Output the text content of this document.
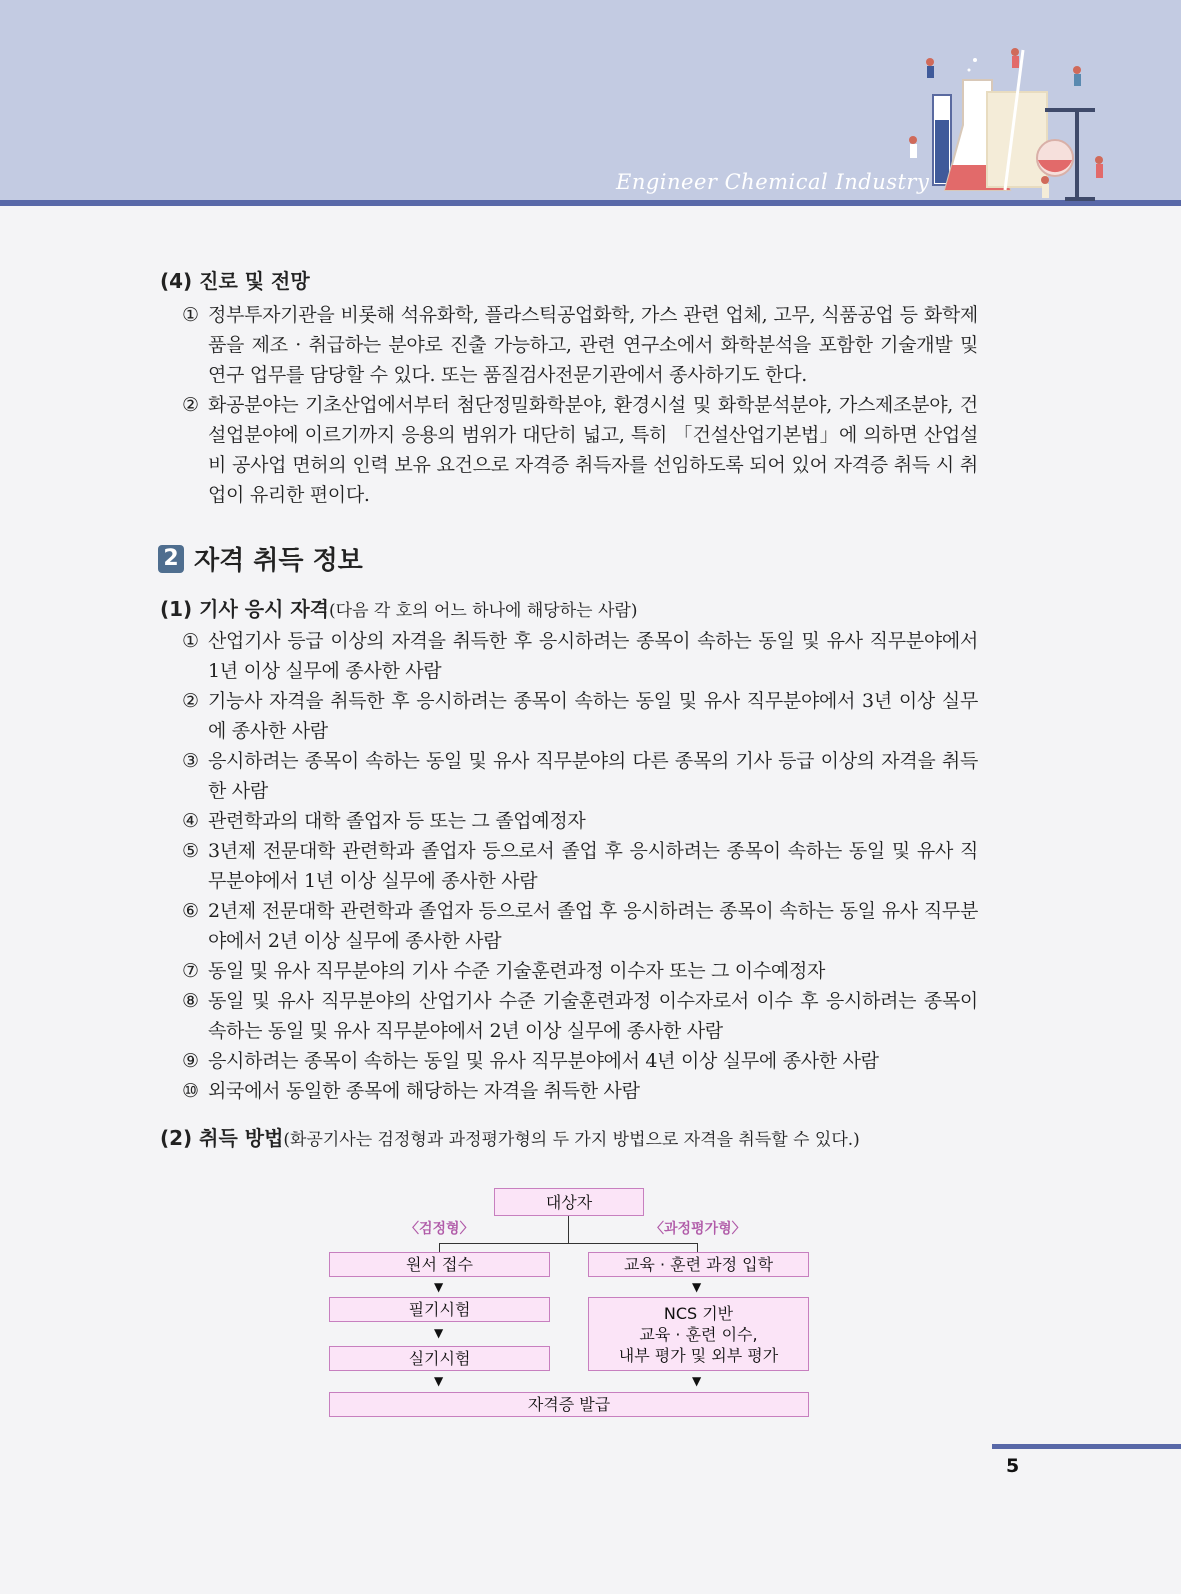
Engineer Chemical Industry
(4) 진로 및 전망
① 정부투자기관을 비롯해 석유화학, 플라스틱공업화학, 가스 관련 업체, 고무, 식품공업 등 화학제품을 제조 · 취급하는 분야로 진출 가능하고, 관련 연구소에서 화학분석을 포함한 기술개발 및 연구 업무를 담당할 수 있다. 또는 품질검사전문기관에서 종사하기도 한다.
② 화공분야는 기초산업에서부터 첨단정밀화학분야, 환경시설 및 화학분석분야, 가스제조분야, 건설업분야에 이르기까지 응용의 범위가 대단히 넓고, 특히 「건설산업기본법」에 의하면 산업설비 공사업 면허의 인력 보유 요건으로 자격증 취득자를 선임하도록 되어 있어 자격증 취득 시 취업이 유리한 편이다.
2 자격 취득 정보
(1) 기사 응시 자격(다음 각 호의 어느 하나에 해당하는 사람)
① 산업기사 등급 이상의 자격을 취득한 후 응시하려는 종목이 속하는 동일 및 유사 직무분야에서 1년 이상 실무에 종사한 사람
② 기능사 자격을 취득한 후 응시하려는 종목이 속하는 동일 및 유사 직무분야에서 3년 이상 실무에 종사한 사람
③ 응시하려는 종목이 속하는 동일 및 유사 직무분야의 다른 종목의 기사 등급 이상의 자격을 취득한 사람
④ 관련학과의 대학 졸업자 등 또는 그 졸업예정자
⑤ 3년제 전문대학 관련학과 졸업자 등으로서 졸업 후 응시하려는 종목이 속하는 동일 및 유사 직무분야에서 1년 이상 실무에 종사한 사람
⑥ 2년제 전문대학 관련학과 졸업자 등으로서 졸업 후 응시하려는 종목이 속하는 동일 유사 직무분야에서 2년 이상 실무에 종사한 사람
⑦ 동일 및 유사 직무분야의 기사 수준 기술훈련과정 이수자 또는 그 이수예정자
⑧ 동일 및 유사 직무분야의 산업기사 수준 기술훈련과정 이수자로서 이수 후 응시하려는 종목이 속하는 동일 및 유사 직무분야에서 2년 이상 실무에 종사한 사람
⑨ 응시하려는 종목이 속하는 동일 및 유사 직무분야에서 4년 이상 실무에 종사한 사람
⑩ 외국에서 동일한 종목에 해당하는 자격을 취득한 사람
(2) 취득 방법(화공기사는 검정형과 과정평가형의 두 가지 방법으로 자격을 취득할 수 있다.)
대상자
〈검정형〉	〈과정평가형〉
원서 접수
▼
필기시험
▼
실기시험
▼
교육 · 훈련 과정 입학
▼
NCS 기반
교육 · 훈련 이수,
내부 평가 및 외부 평가
▼
자격증 발급
5
